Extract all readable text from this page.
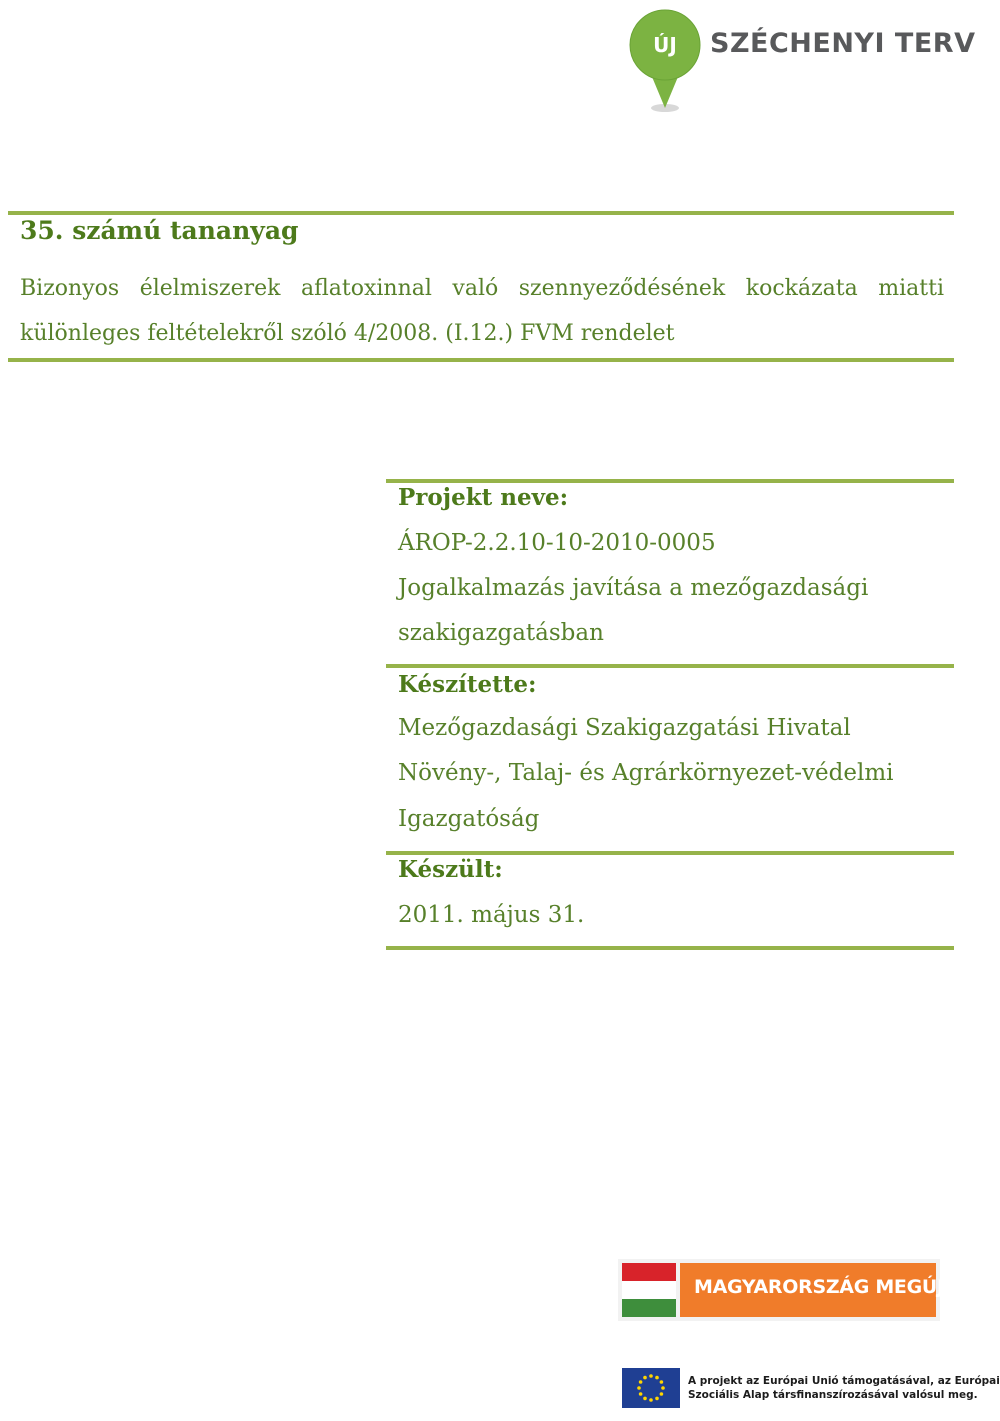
ÚJ	SZÉCHENYI TERV
35. számú tananyag
Bizonyos élelmiszerek aflatoxinnal való szennyeződésének kockázata miatti
különleges feltételekről szóló 4/2008. (I.12.) FVM rendelet
Projekt neve:
ÁROP-2.2.10-10-2010-0005
Jogalkalmazás javítása a mezőgazdasági
szakigazgatásban
Készítette:
Mezőgazdasági Szakigazgatási Hivatal
Növény-, Talaj- és Agrárkörnyezet-védelmi
Igazgatóság
Készült:
2011. május 31.
MAGYARORSZÁG MEGÚJUL
A projekt az Európai Unió támogatásával, az Európai
Szociális Alap társfinanszírozásával valósul meg.
